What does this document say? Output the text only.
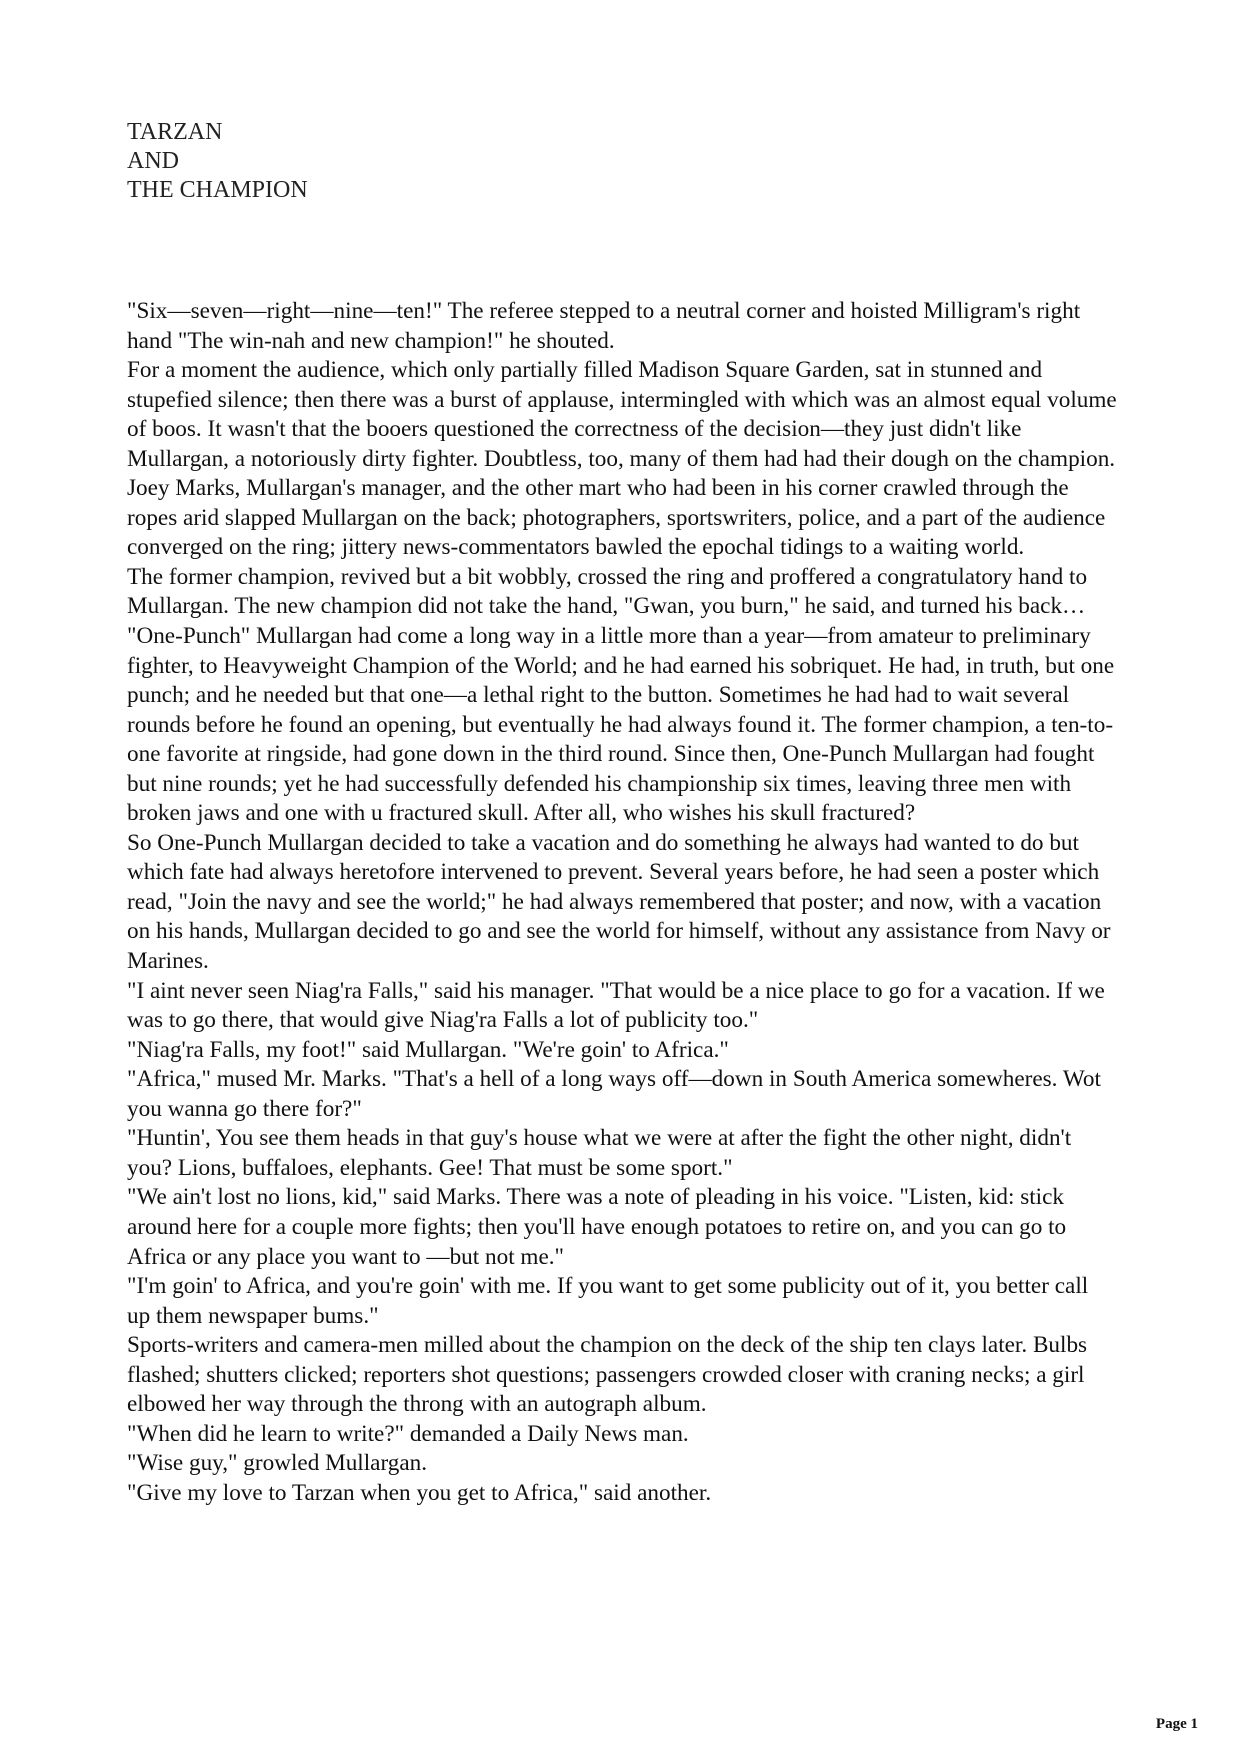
TARZAN
AND
THE CHAMPION

"Six—seven—right—nine—ten!" The referee stepped to a neutral corner and hoisted Milligram's right hand "The win-nah and new champion!" he shouted.

For a moment the audience, which only partially filled Madison Square Garden, sat in stunned and stupefied silence; then there was a burst of applause, intermingled with which was an almost equal volume of boos. It wasn't that the booers questioned the correctness of the decision—they just didn't like Mullargan, a notoriously dirty fighter. Doubtless, too, many of them had had their dough on the champion.

Joey Marks, Mullargan's manager, and the other mart who had been in his corner crawled through the ropes arid slapped Mullargan on the back; photographers, sportswriters, police, and a part of the audience converged on the ring; jittery news-commentators bawled the epochal tidings to a waiting world.

The former champion, revived but a bit wobbly, crossed the ring and proffered a congratulatory hand to Mullargan. The new champion did not take the hand, "Gwan, you burn," he said, and turned his back…

"One-Punch" Mullargan had come a long way in a little more than a year—from amateur to preliminary fighter, to Heavyweight Champion of the World; and he had earned his sobriquet. He had, in truth, but one punch; and he needed but that one—a lethal right to the button. Sometimes he had had to wait several rounds before he found an opening, but eventually he had always found it. The former champion, a ten-to-one favorite at ringside, had gone down in the third round. Since then, One-Punch Mullargan had fought but nine rounds; yet he had successfully defended his championship six times, leaving three men with broken jaws and one with u fractured skull. After all, who wishes his skull fractured?

So One-Punch Mullargan decided to take a vacation and do something he always had wanted to do but which fate had always heretofore intervened to prevent. Several years before, he had seen a poster which read, "Join the navy and see the world;" he had always remembered that poster; and now, with a vacation on his hands, Mullargan decided to go and see the world for himself, without any assistance from Navy or Marines.

"I aint never seen Niag'ra Falls," said his manager. "That would be a nice place to go for a vacation. If we was to go there, that would give Niag'ra Falls a lot of publicity too."

"Niag'ra Falls, my foot!" said Mullargan. "We're goin' to Africa."

"Africa," mused Mr. Marks. "That's a hell of a long ways off—down in South America somewheres. Wot you wanna go there for?"

"Huntin', You see them heads in that guy's house what we were at after the fight the other night, didn't you? Lions, buffaloes, elephants. Gee! That must be some sport."

"We ain't lost no lions, kid," said Marks. There was a note of pleading in his voice. "Listen, kid: stick around here for a couple more fights; then you'll have enough potatoes to retire on, and you can go to Africa or any place you want to —but not me."

"I'm goin' to Africa, and you're goin' with me. If you want to get some publicity out of it, you better call up them newspaper bums."

Sports-writers and camera-men milled about the champion on the deck of the ship ten clays later. Bulbs flashed; shutters clicked; reporters shot questions; passengers crowded closer with craning necks; a girl elbowed her way through the throng with an autograph album.

"When did he learn to write?" demanded a Daily News man.

"Wise guy," growled Mullargan.

"Give my love to Tarzan when you get to Africa," said another.

Page 1
